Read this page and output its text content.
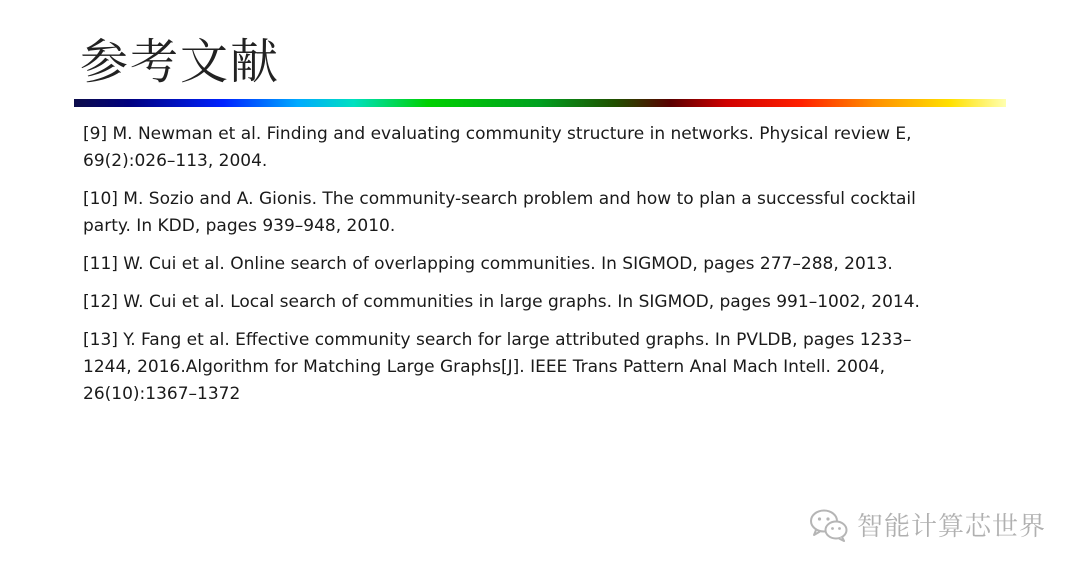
参考文献
[9] M. Newman et al. Finding and evaluating community structure in networks. Physical review E, 69(2):026–113, 2004.
[10] M. Sozio and A. Gionis. The community-search problem and how to plan a successful cocktail party. In KDD, pages 939–948, 2010.
[11] W. Cui et al. Online search of overlapping communities. In SIGMOD, pages 277–288, 2013.
[12] W. Cui et al. Local search of communities in large graphs. In SIGMOD, pages 991–1002, 2014.
[13] Y. Fang et al. Effective community search for large attributed graphs. In PVLDB, pages 1233–1244, 2016.Algorithm for Matching Large Graphs[J]. IEEE Trans Pattern Anal Mach Intell. 2004, 26(10):1367–1372
智能计算芯世界
